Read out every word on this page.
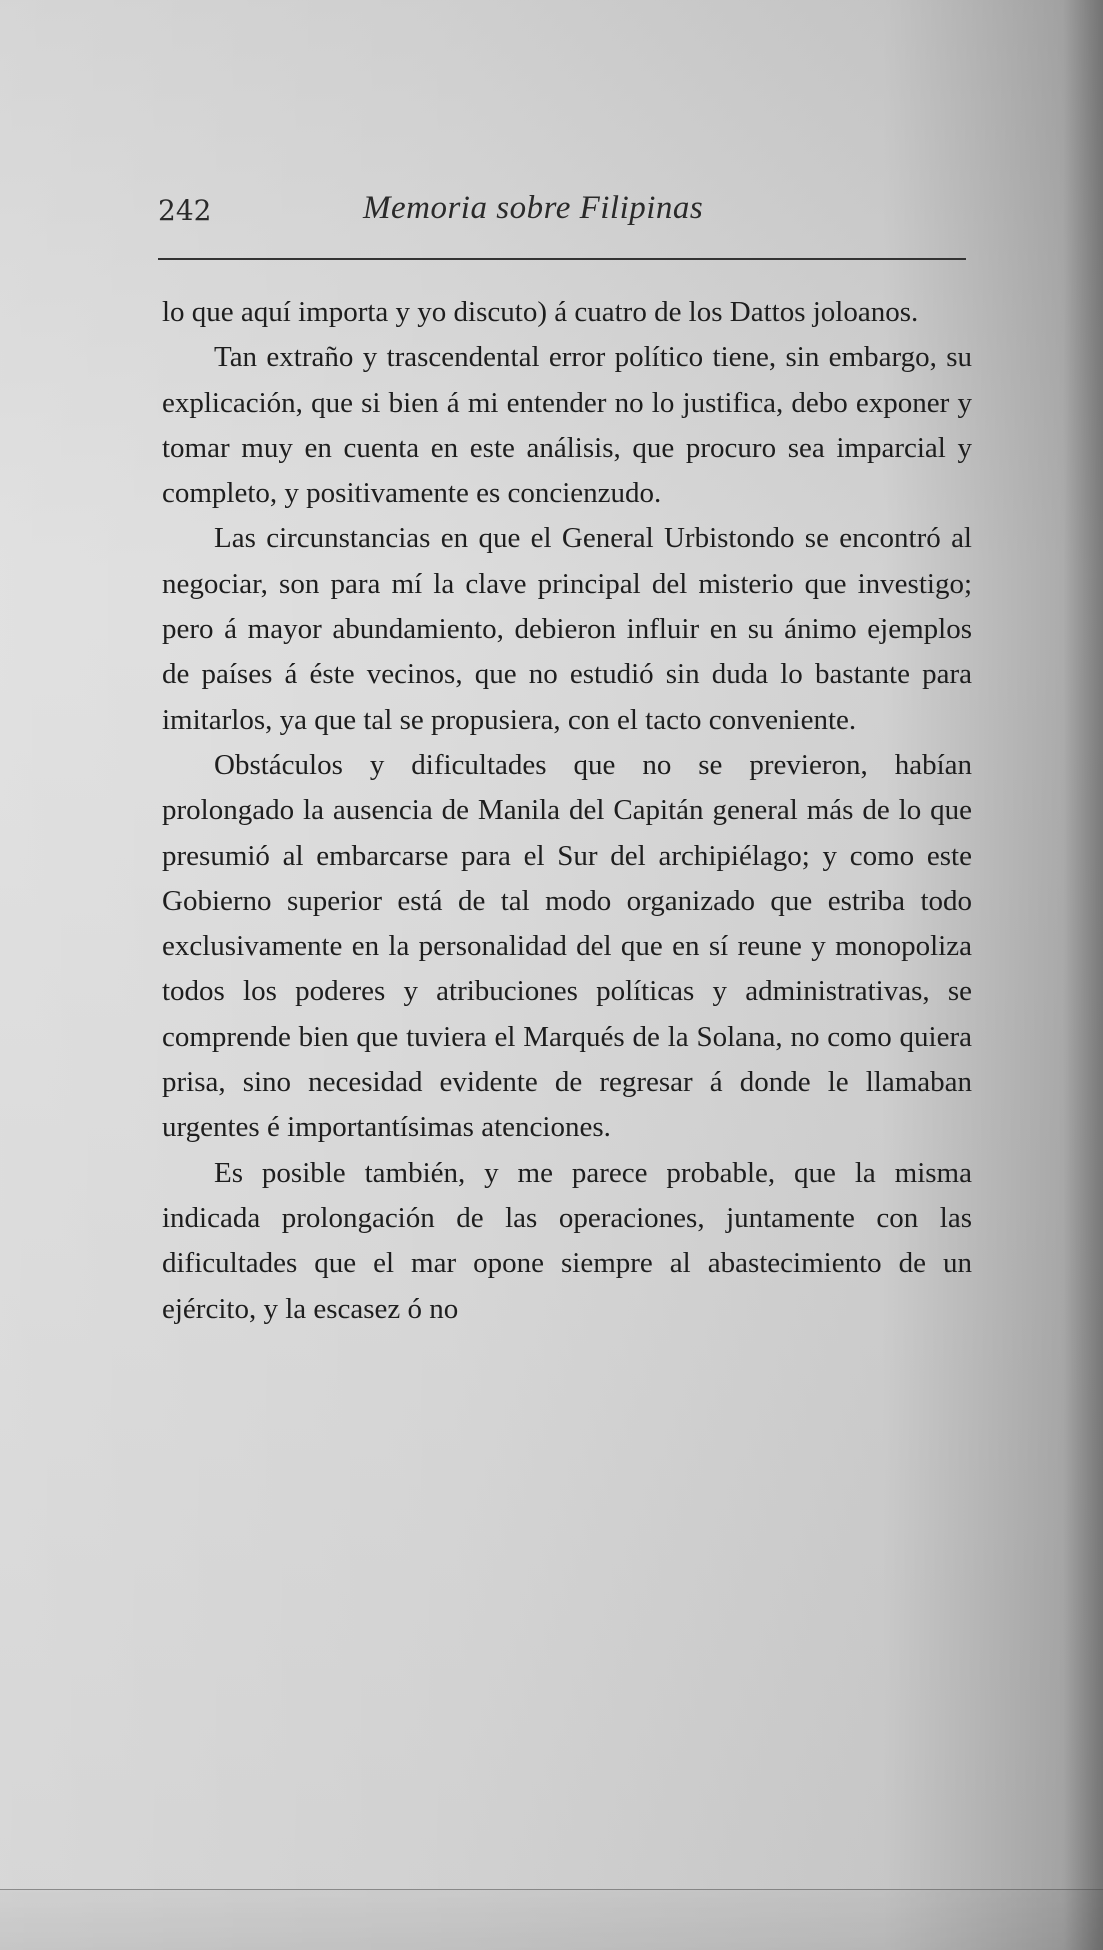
242	Memoria sobre Filipinas

lo que aquí importa y yo discuto) á cuatro de los Dattos joloanos.

Tan extraño y trascendental error político tiene, sin embargo, su explicación, que si bien á mi entender no lo justifica, debo exponer y tomar muy en cuenta en este análisis, que procuro sea imparcial y completo, y positivamente es concienzudo.

Las circunstancias en que el General Urbistondo se encontró al negociar, son para mí la clave principal del misterio que investigo; pero á mayor abundamiento, debieron influir en su ánimo ejemplos de países á éste vecinos, que no estudió sin duda lo bastante para imitarlos, ya que tal se propusiera, con el tacto conveniente.

Obstáculos y dificultades que no se previeron, habían prolongado la ausencia de Manila del Capitán general más de lo que presumió al embarcarse para el Sur del archipiélago; y como este Gobierno superior está de tal modo organizado que estriba todo exclusivamente en la personalidad del que en sí reune y monopoliza todos los poderes y atribuciones políticas y administrativas, se comprende bien que tuviera el Marqués de la Solana, no como quiera prisa, sino necesidad evidente de regresar á donde le llamaban urgentes é importantísimas atenciones.

Es posible también, y me parece probable, que la misma indicada prolongación de las operaciones, juntamente con las dificultades que el mar opone siempre al abastecimiento de un ejército, y la escasez ó no
